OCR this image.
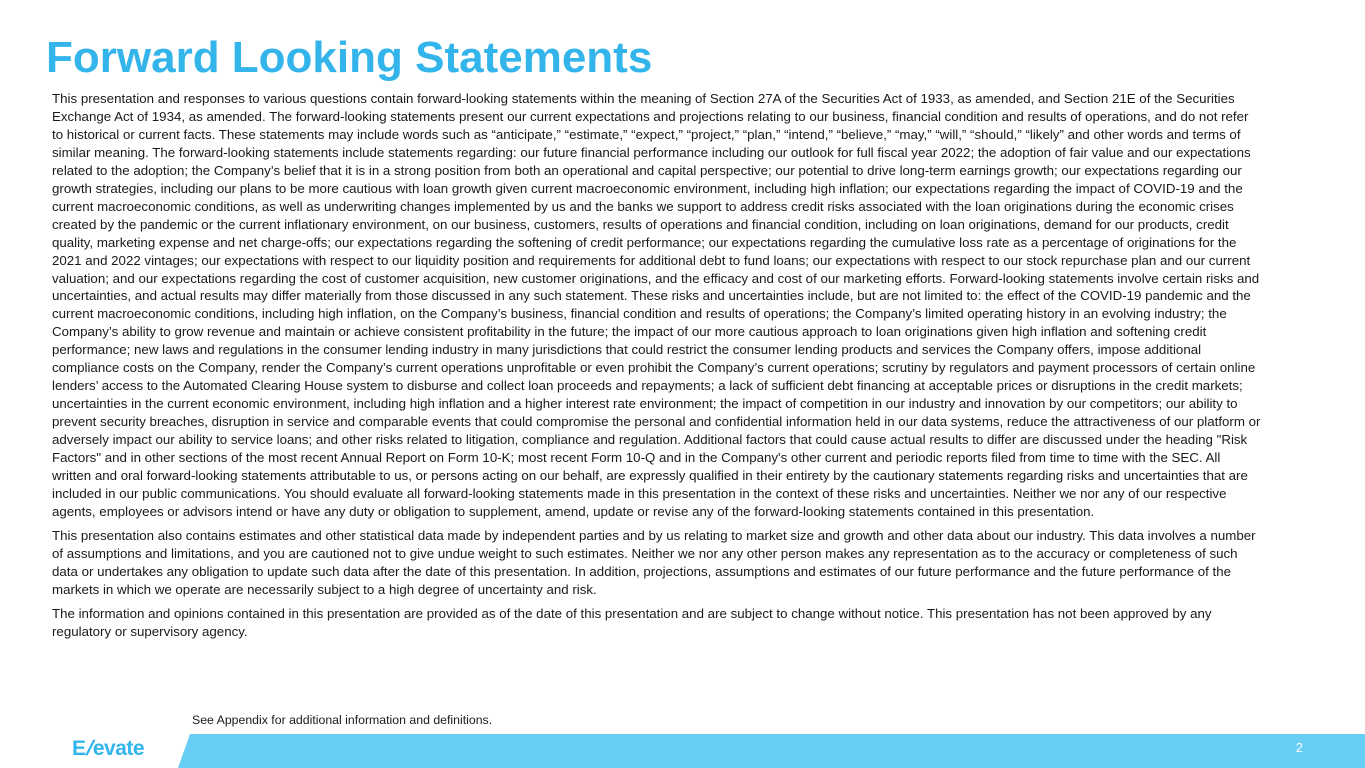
Forward Looking Statements

This presentation and responses to various questions contain forward-looking statements within the meaning of Section 27A of the Securities Act of 1933, as amended, and Section 21E of the Securities Exchange Act of 1934, as amended. The forward-looking statements present our current expectations and projections relating to our business, financial condition and results of operations, and do not refer to historical or current facts. These statements may include words such as “anticipate,” “estimate,” “expect,” “project,” “plan,” “intend,” “believe,” “may,” “will,” “should,” “likely” and other words and terms of similar meaning. The forward-looking statements include statements regarding: our future financial performance including our outlook for full fiscal year 2022; the adoption of fair value and our expectations related to the adoption; the Company’s belief that it is in a strong position from both an operational and capital perspective; our potential to drive long-term earnings growth; our expectations regarding our growth strategies, including our plans to be more cautious with loan growth given current macroeconomic environment, including high inflation; our expectations regarding the impact of COVID-19 and the current macroeconomic conditions, as well as underwriting changes implemented by us and the banks we support to address credit risks associated with the loan originations during the economic crises created by the pandemic or the current inflationary environment, on our business, customers, results of operations and financial condition, including on loan originations, demand for our products, credit quality, marketing expense and net charge-offs; our expectations regarding the softening of credit performance; our expectations regarding the cumulative loss rate as a percentage of originations for the 2021 and 2022 vintages; our expectations with respect to our liquidity position and requirements for additional debt to fund loans; our expectations with respect to our stock repurchase plan and our current valuation; and our expectations regarding the cost of customer acquisition, new customer originations, and the efficacy and cost of our marketing efforts. Forward-looking statements involve certain risks and uncertainties, and actual results may differ materially from those discussed in any such statement. These risks and uncertainties include, but are not limited to: the effect of the COVID-19 pandemic and the current macroeconomic conditions, including high inflation, on the Company’s business, financial condition and results of operations; the Company’s limited operating history in an evolving industry; the Company’s ability to grow revenue and maintain or achieve consistent profitability in the future; the impact of our more cautious approach to loan originations given high inflation and softening credit performance; new laws and regulations in the consumer lending industry in many jurisdictions that could restrict the consumer lending products and services the Company offers, impose additional compliance costs on the Company, render the Company’s current operations unprofitable or even prohibit the Company’s current operations; scrutiny by regulators and payment processors of certain online lenders’ access to the Automated Clearing House system to disburse and collect loan proceeds and repayments; a lack of sufficient debt financing at acceptable prices or disruptions in the credit markets; uncertainties in the current economic environment, including high inflation and a higher interest rate environment; the impact of competition in our industry and innovation by our competitors; our ability to prevent security breaches, disruption in service and comparable events that could compromise the personal and confidential information held in our data systems, reduce the attractiveness of our platform or adversely impact our ability to service loans; and other risks related to litigation, compliance and regulation. Additional factors that could cause actual results to differ are discussed under the heading "Risk Factors" and in other sections of the most recent Annual Report on Form 10-K; most recent Form 10-Q and in the Company's other current and periodic reports filed from time to time with the SEC. All written and oral forward-looking statements attributable to us, or persons acting on our behalf, are expressly qualified in their entirety by the cautionary statements regarding risks and uncertainties that are included in our public communications. You should evaluate all forward-looking statements made in this presentation in the context of these risks and uncertainties. Neither we nor any of our respective agents, employees or advisors intend or have any duty or obligation to supplement, amend, update or revise any of the forward-looking statements contained in this presentation.

This presentation also contains estimates and other statistical data made by independent parties and by us relating to market size and growth and other data about our industry. This data involves a number of assumptions and limitations, and you are cautioned not to give undue weight to such estimates. Neither we nor any other person makes any representation as to the accuracy or completeness of such data or undertakes any obligation to update such data after the date of this presentation. In addition, projections, assumptions and estimates of our future performance and the future performance of the markets in which we operate are necessarily subject to a high degree of uncertainty and risk.

The information and opinions contained in this presentation are provided as of the date of this presentation and are subject to change without notice. This presentation has not been approved by any regulatory or supervisory agency.

See Appendix for additional information and definitions.
E/evate	2
